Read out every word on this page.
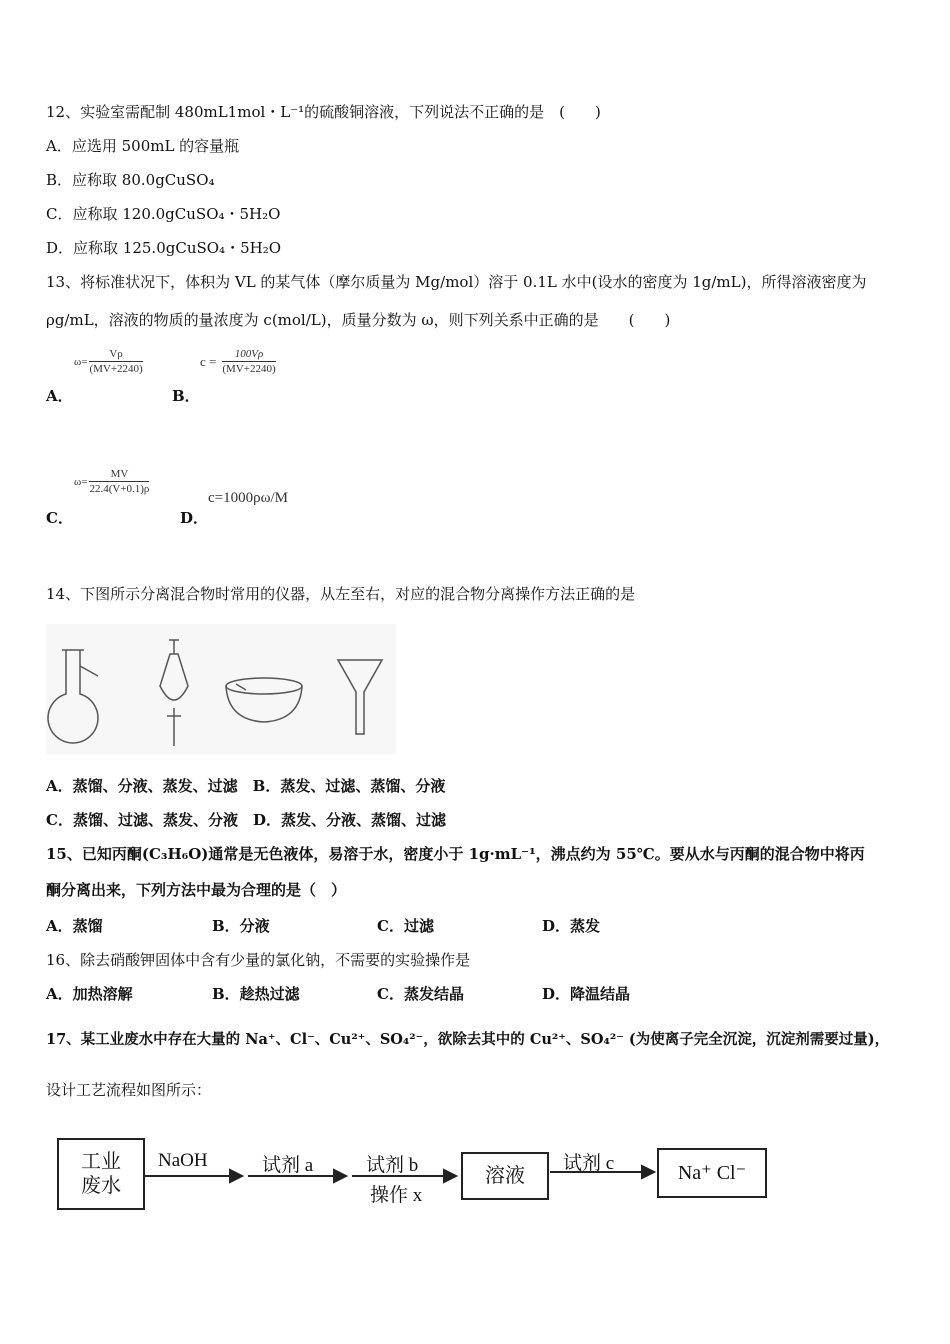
12、实验室需配制 480mL1mol・L⁻¹的硫酸铜溶液，下列说法不正确的是　(　　)
A．应选用 500mL 的容量瓶
B．应称取 80.0gCuSO₄
C．应称取 120.0gCuSO₄・5H₂O
D．应称取 125.0gCuSO₄・5H₂O
13、将标准状况下，体积为 VL 的某气体（摩尔质量为 Mg/mol）溶于 0.1L 水中(设水的密度为 1g/mL)，所得溶液密度为
ρg/mL，溶液的物质的量浓度为 c(mol/L)，质量分数为 ω，则下列关系中正确的是　　(　　)
$\omega= \frac{V\rho}{(MV+2240)}$	$c = \frac{100V\rho}{(MV+2240)}$
A．	B．
$\omega= \frac{MV}{22.4(V+0.1)\rho}$
c=1000ρω/M
C．	D．
14、下图所示分离混合物时常用的仪器，从左至右，对应的混合物分离操作方法正确的是
A．蒸馏、分液、蒸发、过滤　B．蒸发、过滤、蒸馏、分液
C．蒸馏、过滤、蒸发、分液　D．蒸发、分液、蒸馏、过滤
15、已知丙酮(C₃H₆O)通常是无色液体，易溶于水，密度小于 1g·mL⁻¹，沸点约为 55℃。要从水与丙酮的混合物中将丙
酮分离出来，下列方法中最为合理的是（　）
A．蒸馏	B．分液	C．过滤	D．蒸发
16、除去硝酸钾固体中含有少量的氯化钠，不需要的实验操作是
A．加热溶解	B．趁热过滤	C．蒸发结晶	D．降温结晶
17、某工业废水中存在大量的 Na⁺、Cl⁻、Cu²⁺、SO₄²⁻，欲除去其中的 Cu²⁺、SO₄²⁻ (为使离子完全沉淀，沉淀剂需要过量)，
设计工艺流程如图所示：
工业
废水
NaOH	试剂 a	试剂 b
操作 x
溶液
试剂 c	Na⁺ Cl⁻
